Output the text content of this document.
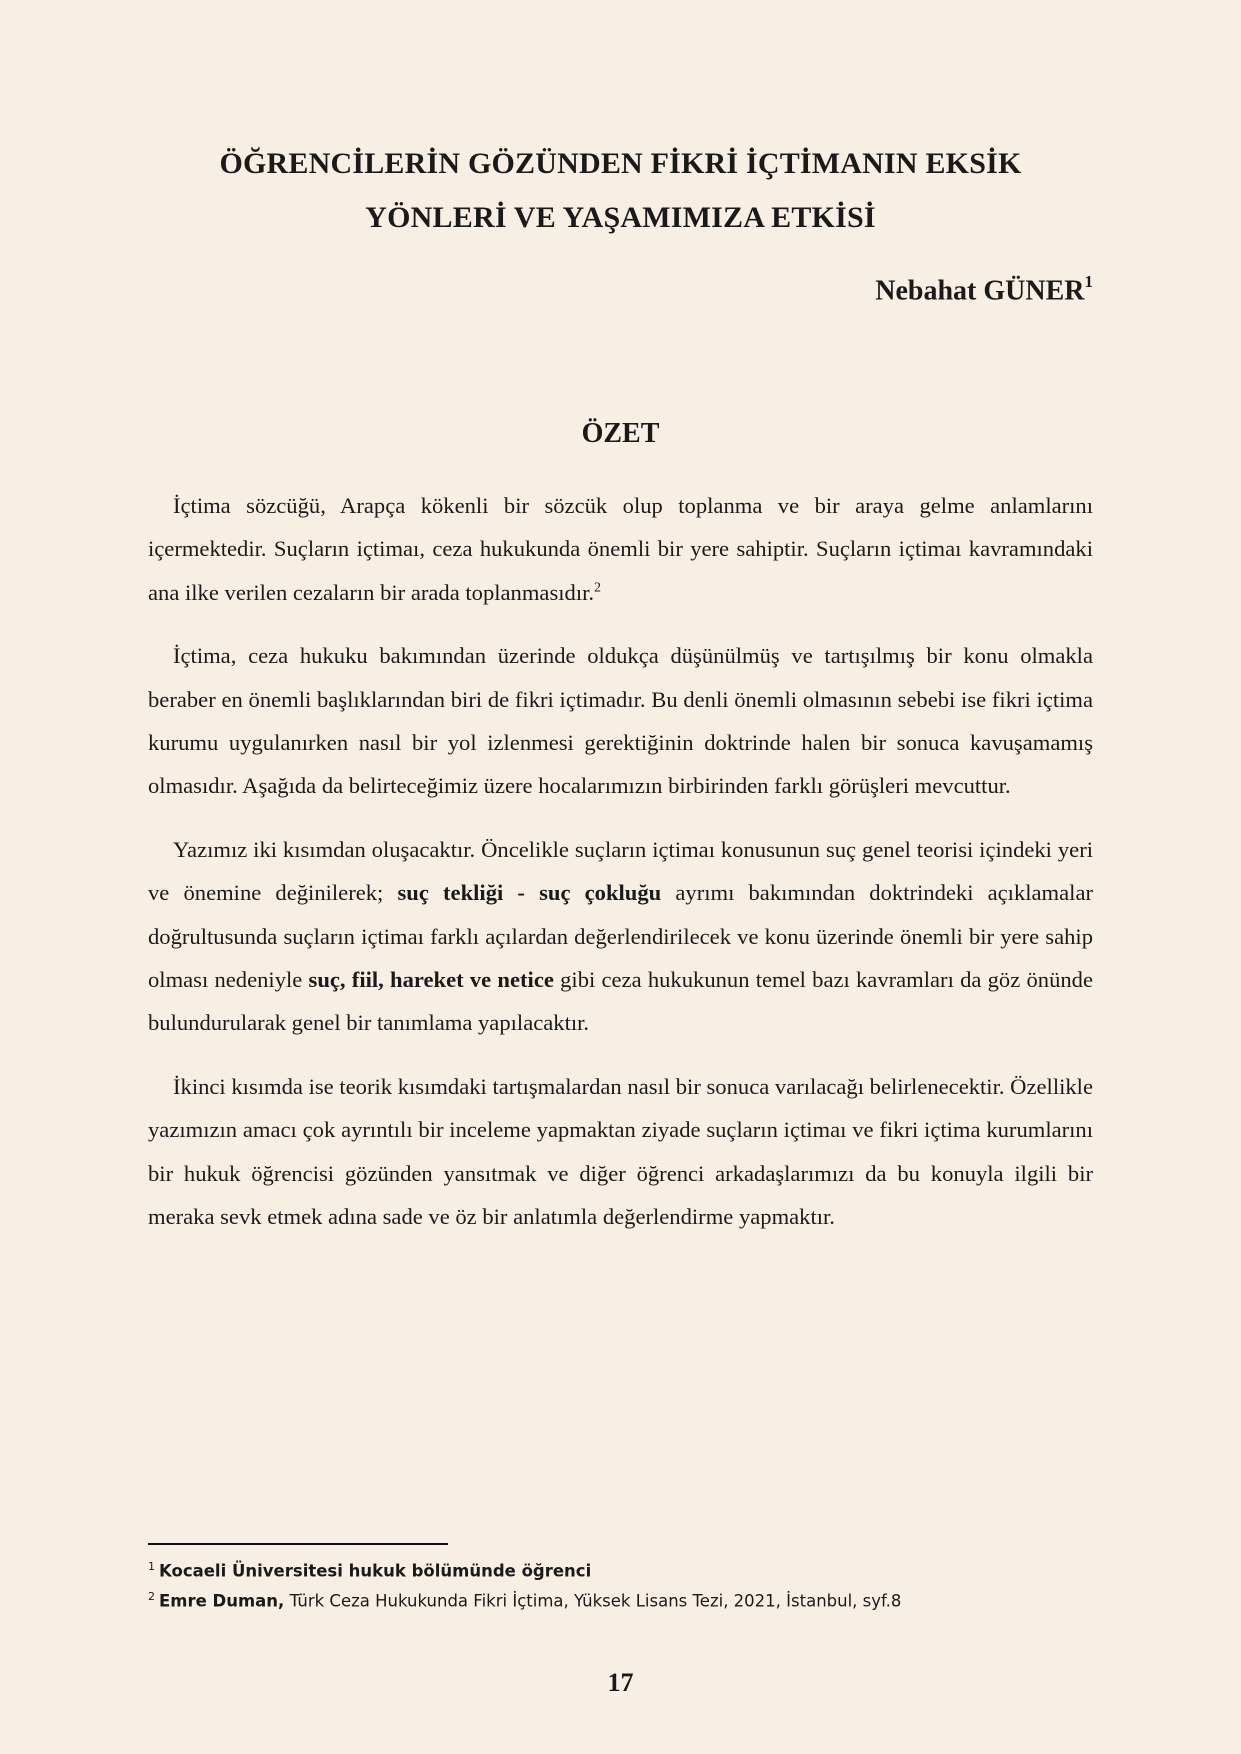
ÖĞRENCİLERİN GÖZÜNDEN FİKRİ İÇTİMANIN EKSİK
YÖNLERİ VE YAŞAMIMIZA ETKİSİ
Nebahat GÜNER$^1$
ÖZET

İçtima sözcüğü, Arapça kökenli bir sözcük olup toplanma ve bir araya gelme anlamlarını içermektedir. Suçların içtimaı, ceza hukukunda önemli bir yere sahiptir. Suçların içtimaı kavramındaki ana ilke verilen cezaların bir arada toplanmasıdır.$^2$

İçtima, ceza hukuku bakımından üzerinde oldukça düşünülmüş ve tartışılmış bir konu olmakla beraber en önemli başlıklarından biri de fikri içtimadır. Bu denli önemli olmasının sebebi ise fikri içtima kurumu uygulanırken nasıl bir yol izlenmesi gerektiğinin doktrinde halen bir sonuca kavuşamamış olmasıdır. Aşağıda da belirteceğimiz üzere hocalarımızın birbirinden farklı görüşleri mevcuttur.

Yazımız iki kısımdan oluşacaktır. Öncelikle suçların içtimaı konusunun suç genel teorisi içindeki yeri ve önemine değinilerek; suç tekliği - suç çokluğu ayrımı bakımından doktrindeki açıklamalar doğrultusunda suçların içtimaı farklı açılardan değerlendirilecek ve konu üzerinde önemli bir yere sahip olması nedeniyle suç, fiil, hareket ve netice gibi ceza hukukunun temel bazı kavramları da göz önünde bulundurularak genel bir tanımlama yapılacaktır.

İkinci kısımda ise teorik kısımdaki tartışmalardan nasıl bir sonuca varılacağı belirlenecektir. Özellikle yazımızın amacı çok ayrıntılı bir inceleme yapmaktan ziyade suçların içtimaı ve fikri içtima kurumlarını bir hukuk öğrencisi gözünden yansıtmak ve diğer öğrenci arkadaşlarımızı da bu konuyla ilgili bir meraka sevk etmek adına sade ve öz bir anlatımla değerlendirme yapmaktır.

$^1$ Kocaeli Üniversitesi hukuk bölümünde öğrenci
$^2$ Emre Duman, Türk Ceza Hukukunda Fikri İçtima, Yüksek Lisans Tezi, 2021, İstanbul, syf.8
17
